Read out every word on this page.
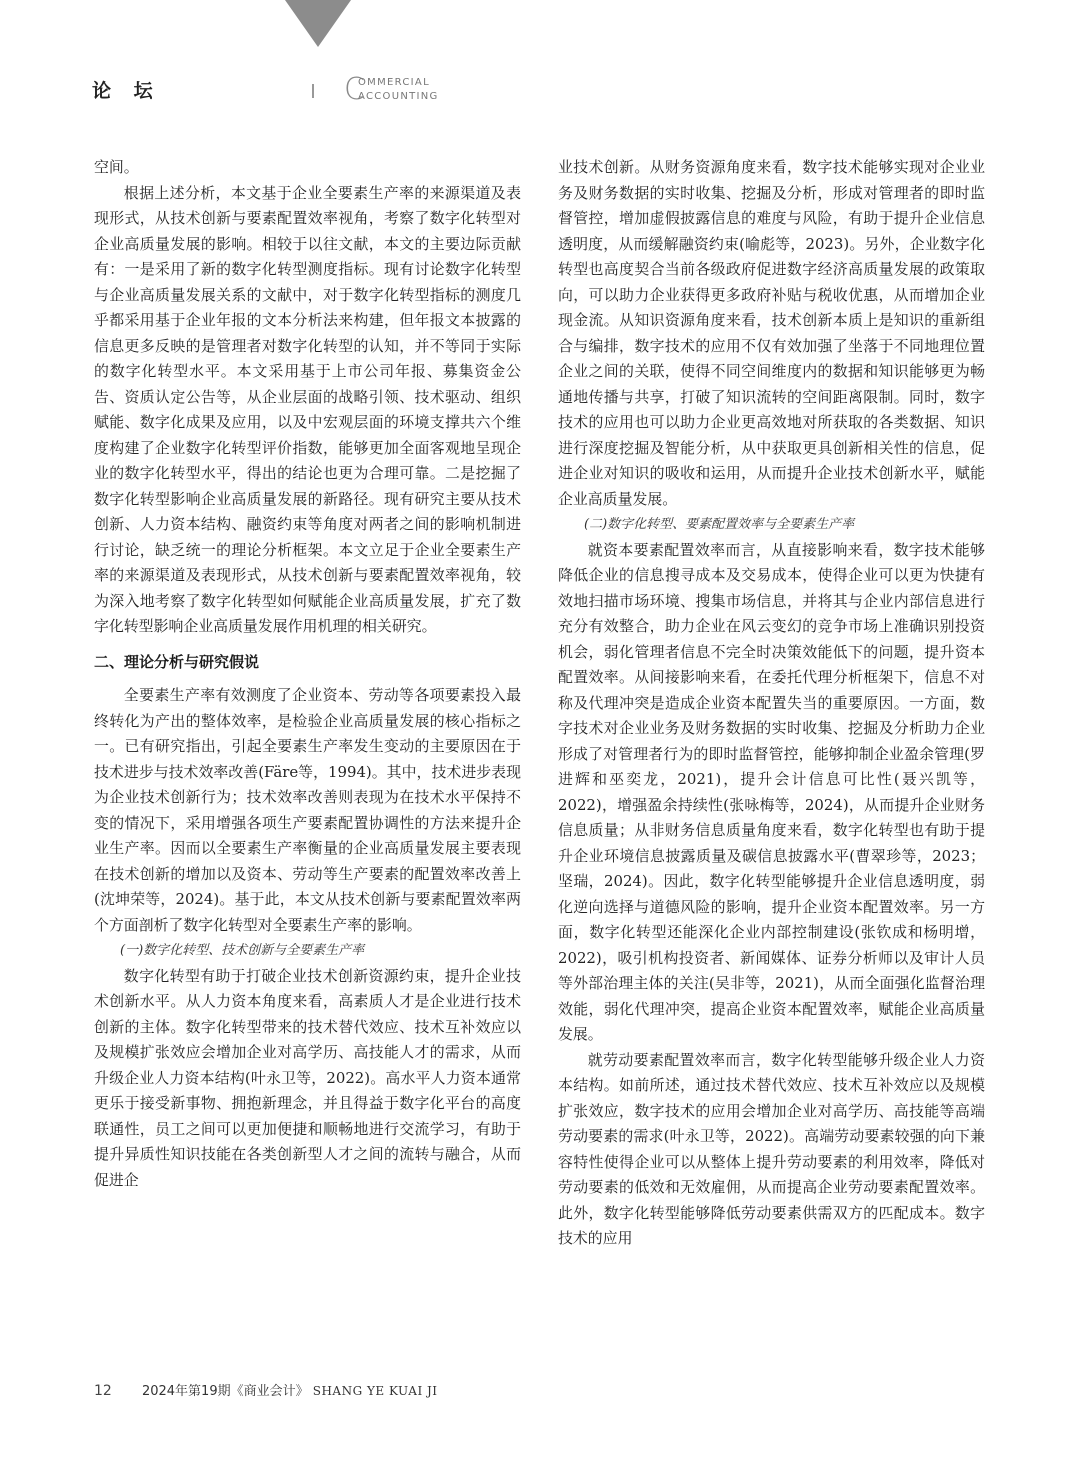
论 坛	C
OMMERCIAL
ACCOUNTING

空间。

根据上述分析，本文基于企业全要素生产率的来源渠道及表现形式，从技术创新与要素配置效率视角，考察了数字化转型对企业高质量发展的影响。相较于以往文献，本文的主要边际贡献有：一是采用了新的数字化转型测度指标。现有讨论数字化转型与企业高质量发展关系的文献中，对于数字化转型指标的测度几乎都采用基于企业年报的文本分析法来构建，但年报文本披露的信息更多反映的是管理者对数字化转型的认知，并不等同于实际的数字化转型水平。本文采用基于上市公司年报、募集资金公告、资质认定公告等，从企业层面的战略引领、技术驱动、组织赋能、数字化成果及应用，以及中宏观层面的环境支撑共六个维度构建了企业数字化转型评价指数，能够更加全面客观地呈现企业的数字化转型水平，得出的结论也更为合理可靠。二是挖掘了数字化转型影响企业高质量发展的新路径。现有研究主要从技术创新、人力资本结构、融资约束等角度对两者之间的影响机制进行讨论，缺乏统一的理论分析框架。本文立足于企业全要素生产率的来源渠道及表现形式，从技术创新与要素配置效率视角，较为深入地考察了数字化转型如何赋能企业高质量发展，扩充了数字化转型影响企业高质量发展作用机理的相关研究。

二、理论分析与研究假说

全要素生产率有效测度了企业资本、劳动等各项要素投入最终转化为产出的整体效率，是检验企业高质量发展的核心指标之一。已有研究指出，引起全要素生产率发生变动的主要原因在于技术进步与技术效率改善(Färe等，1994)。其中，技术进步表现为企业技术创新行为；技术效率改善则表现为在技术水平保持不变的情况下，采用增强各项生产要素配置协调性的方法来提升企业生产率。因而以全要素生产率衡量的企业高质量发展主要表现在技术创新的增加以及资本、劳动等生产要素的配置效率改善上(沈坤荣等，2024)。基于此，本文从技术创新与要素配置效率两个方面剖析了数字化转型对全要素生产率的影响。

(一)数字化转型、技术创新与全要素生产率

数字化转型有助于打破企业技术创新资源约束，提升企业技术创新水平。从人力资本角度来看，高素质人才是企业进行技术创新的主体。数字化转型带来的技术替代效应、技术互补效应以及规模扩张效应会增加企业对高学历、高技能人才的需求，从而升级企业人力资本结构(叶永卫等，2022)。高水平人力资本通常更乐于接受新事物、拥抱新理念，并且得益于数字化平台的高度联通性，员工之间可以更加便捷和顺畅地进行交流学习，有助于提升异质性知识技能在各类创新型人才之间的流转与融合，从而促进企

业技术创新。从财务资源角度来看，数字技术能够实现对企业业务及财务数据的实时收集、挖掘及分析，形成对管理者的即时监督管控，增加虚假披露信息的难度与风险，有助于提升企业信息透明度，从而缓解融资约束(喻彪等，2023)。另外，企业数字化转型也高度契合当前各级政府促进数字经济高质量发展的政策取向，可以助力企业获得更多政府补贴与税收优惠，从而增加企业现金流。从知识资源角度来看，技术创新本质上是知识的重新组合与编排，数字技术的应用不仅有效加强了坐落于不同地理位置企业之间的关联，使得不同空间维度内的数据和知识能够更为畅通地传播与共享，打破了知识流转的空间距离限制。同时，数字技术的应用也可以助力企业更高效地对所获取的各类数据、知识进行深度挖掘及智能分析，从中获取更具创新相关性的信息，促进企业对知识的吸收和运用，从而提升企业技术创新水平，赋能企业高质量发展。

(二)数字化转型、要素配置效率与全要素生产率

就资本要素配置效率而言，从直接影响来看，数字技术能够降低企业的信息搜寻成本及交易成本，使得企业可以更为快捷有效地扫描市场环境、搜集市场信息，并将其与企业内部信息进行充分有效整合，助力企业在风云变幻的竞争市场上准确识别投资机会，弱化管理者信息不完全时决策效能低下的问题，提升资本配置效率。从间接影响来看，在委托代理分析框架下，信息不对称及代理冲突是造成企业资本配置失当的重要原因。一方面，数字技术对企业业务及财务数据的实时收集、挖掘及分析助力企业形成了对管理者行为的即时监督管控，能够抑制企业盈余管理(罗进辉和巫奕龙，2021)，提升会计信息可比性(聂兴凯等，2022)，增强盈余持续性(张咏梅等，2024)，从而提升企业财务信息质量；从非财务信息质量角度来看，数字化转型也有助于提升企业环境信息披露质量及碳信息披露水平(曹翠珍等，2023；坚瑞，2024)。因此，数字化转型能够提升企业信息透明度，弱化逆向选择与道德风险的影响，提升企业资本配置效率。另一方面，数字化转型还能深化企业内部控制建设(张钦成和杨明增，2022)，吸引机构投资者、新闻媒体、证券分析师以及审计人员等外部治理主体的关注(吴非等，2021)，从而全面强化监督治理效能，弱化代理冲突，提高企业资本配置效率，赋能企业高质量发展。

就劳动要素配置效率而言，数字化转型能够升级企业人力资本结构。如前所述，通过技术替代效应、技术互补效应以及规模扩张效应，数字技术的应用会增加企业对高学历、高技能等高端劳动要素的需求(叶永卫等，2022)。高端劳动要素较强的向下兼容特性使得企业可以从整体上提升劳动要素的利用效率，降低对劳动要素的低效和无效雇佣，从而提高企业劳动要素配置效率。此外，数字化转型能够降低劳动要素供需双方的匹配成本。数字技术的应用

12 2024年第19期《商业会计》 SHANG YE KUAI JI
